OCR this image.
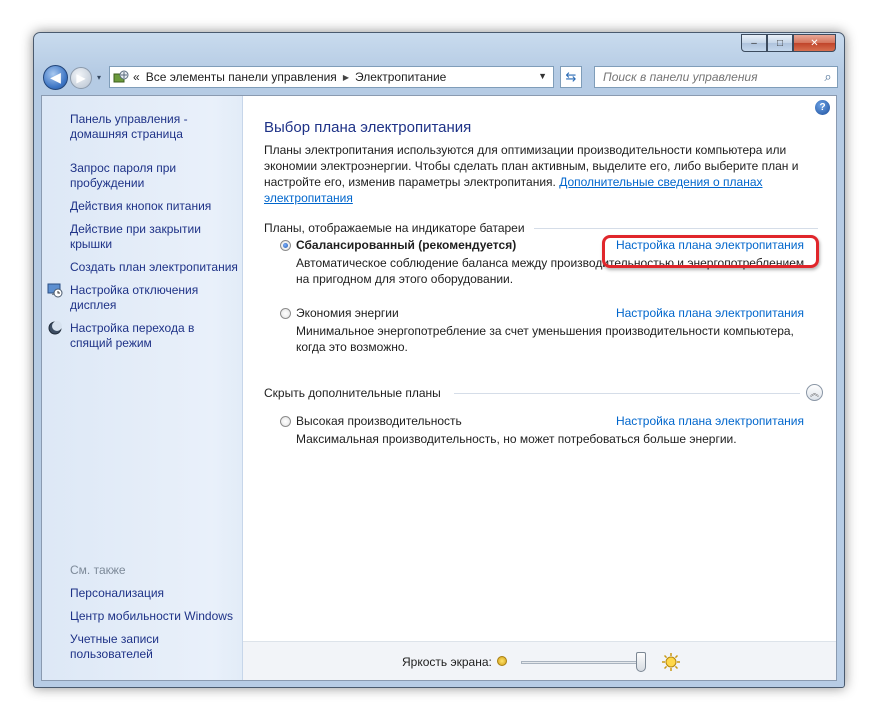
–	□	✕
◀	▶	▾	« Все элементы панели управления ▶ Электропитание	▼	⇆
Поиск в панели управления	⌕
Панель управления -
домашняя страница
Запрос пароля при
пробуждении
Действия кнопок питания
Действие при закрытии
крышки
Создать план электропитания
Настройка отключения
дисплея
Настройка перехода в
спящий режим
См. также
Персонализация
Центр мобильности Windows
Учетные записи
пользователей
?
Выбор плана электропитания
Планы электропитания используются для оптимизации производительности компьютера или экономии электроэнергии. Чтобы сделать план активным, выделите его, либо выберите план и настройте его, изменив параметры электропитания. Дополнительные сведения о планах электропитания
Планы, отображаемые на индикаторе батареи
Сбалансированный (рекомендуется)	Настройка плана электропитания
Автоматическое соблюдение баланса между производительностью и энергопотреблением на пригодном для этого оборудовании.
Экономия энергии	Настройка плана электропитания
Минимальное энергопотребление за счет уменьшения производительности компьютера, когда это возможно.
Скрыть дополнительные планы	︽
Высокая производительность	Настройка плана электропитания
Максимальная производительность, но может потребоваться больше энергии.
Яркость экрана:
